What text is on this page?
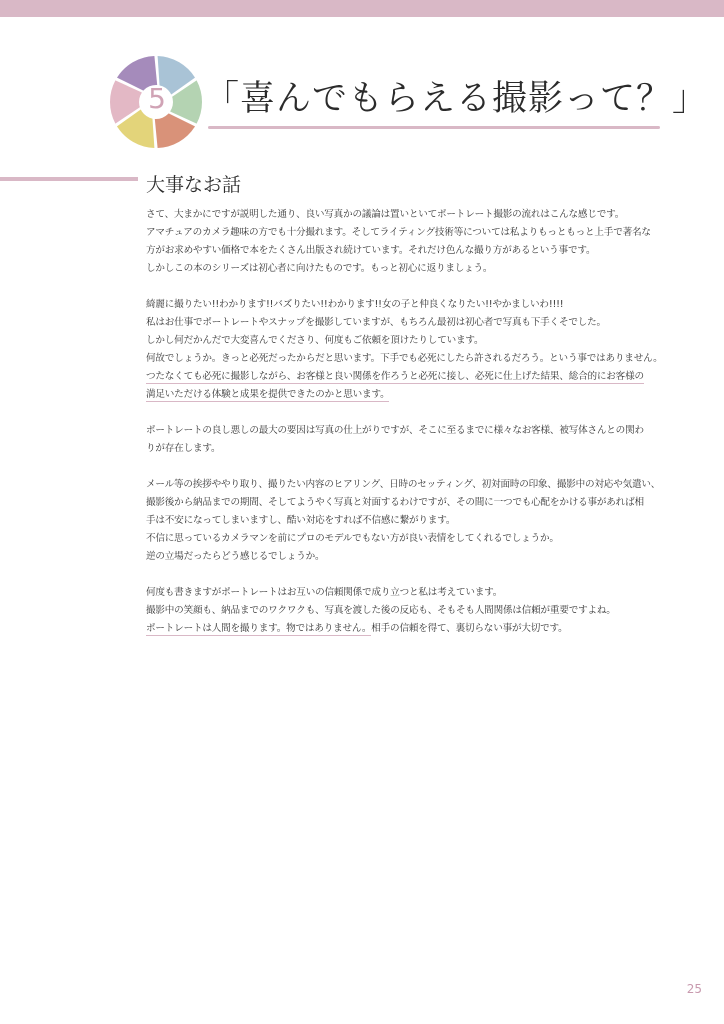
5 「喜んでもらえる撮影って？」
大事なお話
さて、大まかにですが説明した通り、良い写真かの議論は置いといてポートレート撮影の流れはこんな感じです。
アマチュアのカメラ趣味の方でも十分撮れます。そしてライティング技術等については私よりもっともっと上手で著名な
方がお求めやすい価格で本をたくさん出版され続けています。それだけ色んな撮り方があるという事です。
しかしこの本のシリーズは初心者に向けたものです。もっと初心に返りましょう。
綺麗に撮りたい!!わかります!!バズりたい!!わかります!!女の子と仲良くなりたい!!やかましいわ!!!!
私はお仕事でポートレートやスナップを撮影していますが、もちろん最初は初心者で写真も下手くそでした。
しかし何だかんだで大変喜んでくださり、何度もご依頼を頂けたりしています。
何故でしょうか。きっと必死だったからだと思います。下手でも必死にしたら許されるだろう。という事ではありません。
つたなくても必死に撮影しながら、お客様と良い関係を作ろうと必死に接し、必死に仕上げた結果、総合的にお客様の
満足いただける体験と成果を提供できたのかと思います。
ポートレートの良し悪しの最大の要因は写真の仕上がりですが、そこに至るまでに様々なお客様、被写体さんとの関わ
りが存在します。
メール等の挨拶ややり取り、撮りたい内容のヒアリング、日時のセッティング、初対面時の印象、撮影中の対応や気遣い、
撮影後から納品までの期間、そしてようやく写真と対面するわけですが、その間に一つでも心配をかける事があれば相
手は不安になってしまいますし、酷い対応をすれば不信感に繋がります。
不信に思っているカメラマンを前にプロのモデルでもない方が良い表情をしてくれるでしょうか。
逆の立場だったらどう感じるでしょうか。
何度も書きますがポートレートはお互いの信頼関係で成り立つと私は考えています。
撮影中の笑顔も、納品までのワクワクも、写真を渡した後の反応も、そもそも人間関係は信頼が重要ですよね。
ポートレートは人間を撮ります。物ではありません。相手の信頼を得て、裏切らない事が大切です。
25
